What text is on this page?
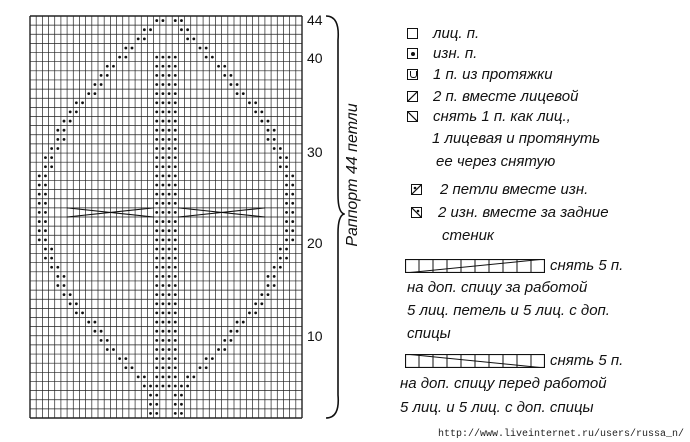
44
40
30
20
10
Раппорт 44 петли
лиц. п.
изн. п.
1 п. из протяжки
2 п. вместе лицевой
снять 1 п. как лиц.,
1 лицевая и протянуть
ее через снятую
2 петли вместе изн.
2 изн. вместе за задние
стеник
снять 5 п.
на доп. спицу за работой
5 лиц. петель и 5 лиц. с доп.
спицы
снять 5 п.
на доп. спицу перед работой
5 лиц. и 5 лиц. с доп. спицы
http://www.liveinternet.ru/users/russa_n/
